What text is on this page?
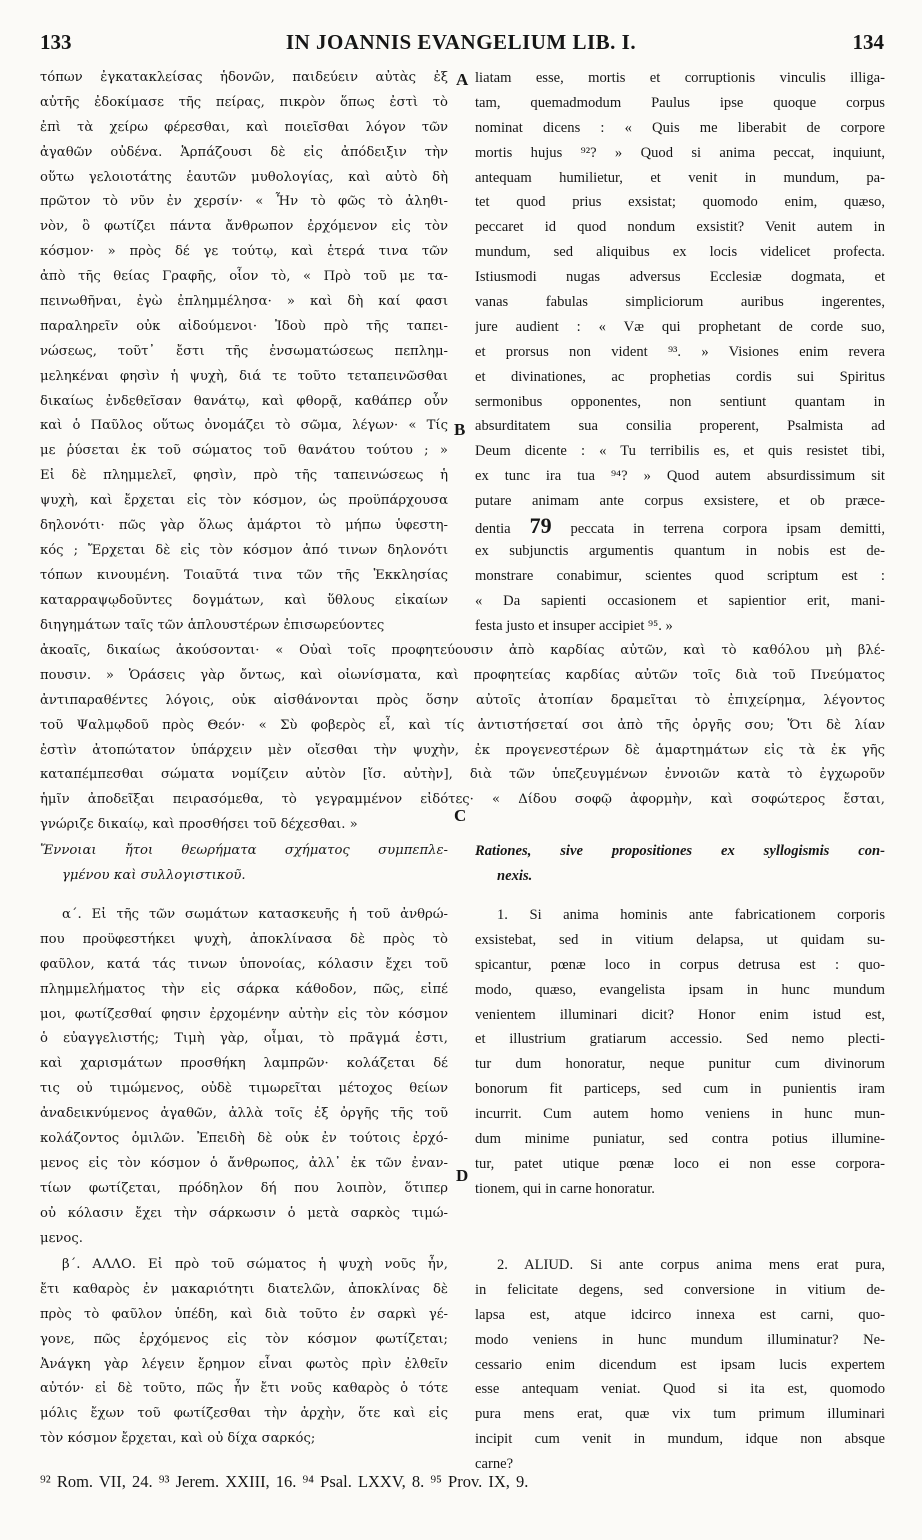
133	IN JOANNIS EVANGELIUM LIB. I.	134
A
B
C
D
τόπων ἐγκατακλείσας ἡδονῶν, παιδεύειν αὐτὰς ἐξ
αὐτῆς ἐδοκίμασε τῆς πείρας, πικρὸν ὅπως ἐστὶ τὸ
ἐπὶ τὰ χείρω φέρεσθαι, καὶ ποιεῖσθαι λόγον τῶν
ἀγαθῶν οὐδένα. Ἁρπάζουσι δὲ εἰς ἀπόδειξιν τὴν
οὕτω γελοιοτάτης ἑαυτῶν μυθολογίας, καὶ αὐτὸ δὴ
πρῶτον τὸ νῦν ἐν χερσίν· « Ἦν τὸ φῶς τὸ ἀληθι-
νὸν, ὃ φωτίζει πάντα ἄνθρωπον ἐρχόμενον εἰς τὸν
κόσμον· » πρὸς δέ γε τούτῳ, καὶ ἑτερά τινα τῶν
ἀπὸ τῆς θείας Γραφῆς, οἷον τὸ, « Πρὸ τοῦ με τα-
πεινωθῆναι, ἐγὼ ἐπλημμέλησα· » καὶ δὴ καί φασι
παραληρεῖν οὐκ αἰδούμενοι· Ἰδοὺ πρὸ τῆς ταπει-
νώσεως, τοῦτ᾽ ἔστι τῆς ἐνσωματώσεως πεπλημ-
μεληκέναι φησὶν ἡ ψυχὴ, διά τε τοῦτο τεταπεινῶσθαι
δικαίως ἐνδεθεῖσαν θανάτῳ, καὶ φθορᾷ, καθάπερ οὖν
καὶ ὁ Παῦλος οὕτως ὀνομάζει τὸ σῶμα, λέγων· « Τίς
με ῥύσεται ἐκ τοῦ σώματος τοῦ θανάτου τούτου ; »
Εἰ δὲ πλημμελεῖ, φησὶν, πρὸ τῆς ταπεινώσεως ἡ
ψυχὴ, καὶ ἔρχεται εἰς τὸν κόσμον, ὡς προϋπάρχουσα
δηλονότι· πῶς γὰρ ὅλως ἁμάρτοι τὸ μήπω ὑφεστη-
κός ; Ἔρχεται δὲ εἰς τὸν κόσμον ἀπό τινων δηλονότι
τόπων κινουμένη. Τοιαῦτά τινα τῶν τῆς Ἐκκλησίας
καταρραψῳδοῦντες δογμάτων, καὶ ὕθλους εἰκαίων
διηγημάτων ταῖς τῶν ἁπλουστέρων ἐπισωρεύοντες
liatam esse, mortis et corruptionis vinculis illiga-
tam, quemadmodum Paulus ipse quoque corpus
nominat dicens : « Quis me liberabit de corpore
mortis hujus ⁹²? » Quod si anima peccat, inquiunt,
antequam humilietur, et venit in mundum, pa-
tet quod prius exsistat; quomodo enim, quæso,
peccaret id quod nondum exsistit? Venit autem in
mundum, sed aliquibus ex locis videlicet profecta.
Istiusmodi nugas adversus Ecclesiæ dogmata, et
vanas fabulas simpliciorum auribus ingerentes,
jure audient : « Væ qui prophetant de corde suo,
et prorsus non vident ⁹³. » Visiones enim revera
et divinationes, ac prophetias cordis sui Spiritus
sermonibus opponentes, non sentiunt quantam in
absurditatem sua consilia properent, Psalmista ad
Deum dicente : « Tu terribilis es, et quis resistet tibi,
ex tunc ira tua ⁹⁴? » Quod autem absurdissimum sit
putare animam ante corpus exsistere, et ob præce-
dentia 79 peccata in terrena corpora ipsam demitti,
ex subjunctis argumentis quantum in nobis est de-
monstrare conabimur, scientes quod scriptum est :
« Da sapienti occasionem et sapientior erit, mani-
festa justo et insuper accipiet ⁹⁵. »
ἀκοαῖς, δικαίως ἀκούσονται· « Οὐαὶ τοῖς προφητεύουσιν ἀπὸ καρδίας αὐτῶν, καὶ τὸ καθόλου μὴ βλέ-
πουσιν. » Ὁράσεις γὰρ ὄντως, καὶ οἰωνίσματα, καὶ προφητείας καρδίας αὐτῶν τοῖς διὰ τοῦ Πνεύματος
ἀντιπαραθέντες λόγοις, οὐκ αἰσθάνονται πρὸς ὅσην αὐτοῖς ἀτοπίαν δραμεῖται τὸ ἐπιχείρημα, λέγοντος
τοῦ Ψαλμῳδοῦ πρὸς Θεόν· « Σὺ φοβερὸς εἶ, καὶ τίς ἀντιστήσεταί σοι ἀπὸ τῆς ὀργῆς σου; Ὅτι δὲ λίαν
ἐστὶν ἀτοπώτατον ὑπάρχειν μὲν οἴεσθαι τὴν ψυχὴν, ἐκ προγενεστέρων δὲ ἁμαρτημάτων εἰς τὰ ἐκ γῆς
καταπέμπεσθαι σώματα νομίζειν αὐτὸν [ἴσ. αὐτὴν], διὰ τῶν ὑπεζευγμένων ἐννοιῶν κατὰ τὸ ἐγχωροῦν
ἡμῖν ἀποδεῖξαι πειρασόμεθα, τὸ γεγραμμένον εἰδότες· « Δίδου σοφῷ ἀφορμὴν, καὶ σοφώτερος ἔσται,
γνώριζε δικαίῳ, καὶ προσθήσει τοῦ δέχεσθαι. »
Ἔννοιαι ἤτοι θεωρήματα σχήματος συμπεπλε-
γμένου καὶ συλλογιστικοῦ.
Rationes, sive propositiones ex syllogismis con-
nexis.
α´. Εἰ τῆς τῶν σωμάτων κατασκευῆς ἡ τοῦ ἀνθρώ-
που προϋφεστήκει ψυχὴ, ἀποκλίνασα δὲ πρὸς τὸ
φαῦλον, κατά τάς τινων ὑπονοίας, κόλασιν ἔχει τοῦ
πλημμελήματος τὴν εἰς σάρκα κάθοδον, πῶς, εἰπέ
μοι, φωτίζεσθαί φησιν ἐρχομένην αὐτὴν εἰς τὸν κόσμον
ὁ εὐαγγελιστής; Τιμὴ γὰρ, οἶμαι, τὸ πρᾶγμά ἐστι,
καὶ χαρισμάτων προσθήκη λαμπρῶν· κολάζεται δέ
τις οὐ τιμώμενος, οὐδὲ τιμωρεῖται μέτοχος θείων
ἀναδεικνύμενος ἀγαθῶν, ἀλλὰ τοῖς ἐξ ὀργῆς τῆς τοῦ
κολάζοντος ὁμιλῶν. Ἐπειδὴ δὲ οὐκ ἐν τούτοις ἐρχό-
μενος εἰς τὸν κόσμον ὁ ἄνθρωπος, ἀλλ᾽ ἐκ τῶν ἐναν-
τίων φωτίζεται, πρόδηλον δή που λοιπὸν, ὅτιπερ
οὐ κόλασιν ἔχει τὴν σάρκωσιν ὁ μετὰ σαρκὸς τιμώ-
μενος.
1. Si anima hominis ante fabricationem corporis
exsistebat, sed in vitium delapsa, ut quidam su-
spicantur, pœnæ loco in corpus detrusa est : quo-
modo, quæso, evangelista ipsam in hunc mundum
venientem illuminari dicit? Honor enim istud est,
et illustrium gratiarum accessio. Sed nemo plecti-
tur dum honoratur, neque punitur cum divinorum
bonorum fit particeps, sed cum in punientis iram
incurrit. Cum autem homo veniens in hunc mun-
dum minime puniatur, sed contra potius illumine-
tur, patet utique pœnæ loco ei non esse corpora-
tionem, qui in carne honoratur.
β´. ΑΛΛΟ. Εἰ πρὸ τοῦ σώματος ἡ ψυχὴ νοῦς ἦν,
ἔτι καθαρὸς ἐν μακαριότητι διατελῶν, ἀποκλίνας δὲ
πρὸς τὸ φαῦλον ὑπέδη, καὶ διὰ τοῦτο ἐν σαρκὶ γέ-
γονε, πῶς ἐρχόμενος εἰς τὸν κόσμον φωτίζεται;
Ἀνάγκη γὰρ λέγειν ἔρημον εἶναι φωτὸς πρὶν ἐλθεῖν
αὐτόν· εἰ δὲ τοῦτο, πῶς ἦν ἔτι νοῦς καθαρὸς ὁ τότε
μόλις ἔχων τοῦ φωτίζεσθαι τὴν ἀρχὴν, ὅτε καὶ εἰς
τὸν κόσμον ἔρχεται, καὶ οὐ δίχα σαρκός;
2. ALIUD. Si ante corpus anima mens erat pura,
in felicitate degens, sed conversione in vitium de-
lapsa est, atque idcirco innexa est carni, quo-
modo veniens in hunc mundum illuminatur? Ne-
cessario enim dicendum est ipsam lucis expertem
esse antequam veniat. Quod si ita est, quomodo
pura mens erat, quæ vix tum primum illuminari
incipit cum venit in mundum, idque non absque
carne?
⁹² Rom. VII, 24. ⁹³ Jerem. XXIII, 16. ⁹⁴ Psal. LXXV, 8. ⁹⁵ Prov. IX, 9.
